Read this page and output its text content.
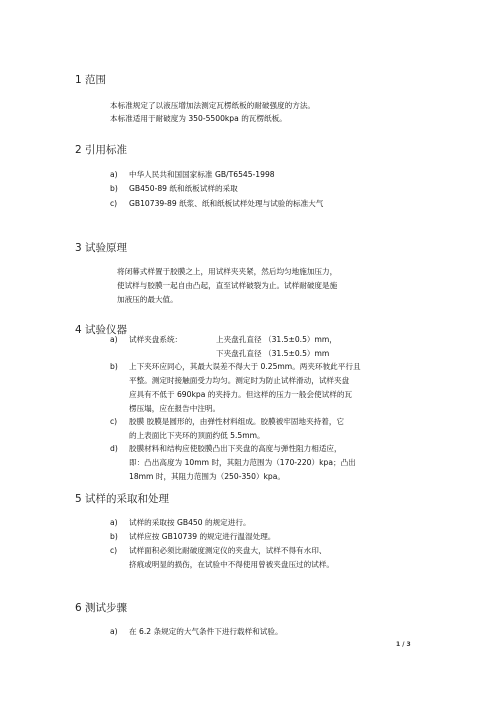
1 范围
本标准规定了以液压增加法测定瓦楞纸板的耐破强度的方法。
本标准适用于耐破度为 350-5500kpa 的瓦楞纸板。
2 引用标准
a) 中华人民共和国国家标准 GB/T6545-1998
b) GB450-89 纸和纸板试样的采取
c) GB10739-89 纸浆、纸和纸板试样处理与试验的标准大气
3 试验原理
将闭幕式样置于胶膜之上，用试样夹夹紧，然后均匀地施加压力，
使试样与胶膜一起自由凸起，直至试样破裂为止。试样耐破度是施
加液压的最大值。
4 试验仪器
a) 试样夹盘系统：	上夹盘孔直径 （31.5±0.5）mm，
下夹盘孔直径 （31.5±0.5）mm
b) 上下夹环应同心，其最大误差不得大于 0.25mm。两夹环彼此平行且
平整。测定时接触面受力均匀。测定时为防止试样滑动，试样夹盘
应具有不低于 690kpa 的夹持力。但这样的压力一般会使试样的瓦
楞压塌，应在报告中注明。
c) 胶膜 胶膜是圆形的，由弹性材料组成。胶膜被牢固地夹持着，它
的上表面比下夹环的顶面约低 5.5mm。
d) 胶膜材料和结构应使胶膜凸出下夹盘的高度与弹性阻力相适应，
即：凸出高度为 10mm 时，其阻力范围为（170-220）kpa；凸出
18mm 时，其阻力范围为（250-350）kpa。
5 试样的采取和处理
a) 试样的采取按 GB450 的规定进行。
b) 试样应按 GB10739 的规定进行温湿处理。
c) 试样面积必须比耐破度测定仪的夹盘大，试样不得有水印、
挤痕或明显的损伤，在试验中不得使用曾被夹盘压过的试样。
6 测试步骤
a) 在 6.2 条规定的大气条件下进行载样和试验。
1 / 3
